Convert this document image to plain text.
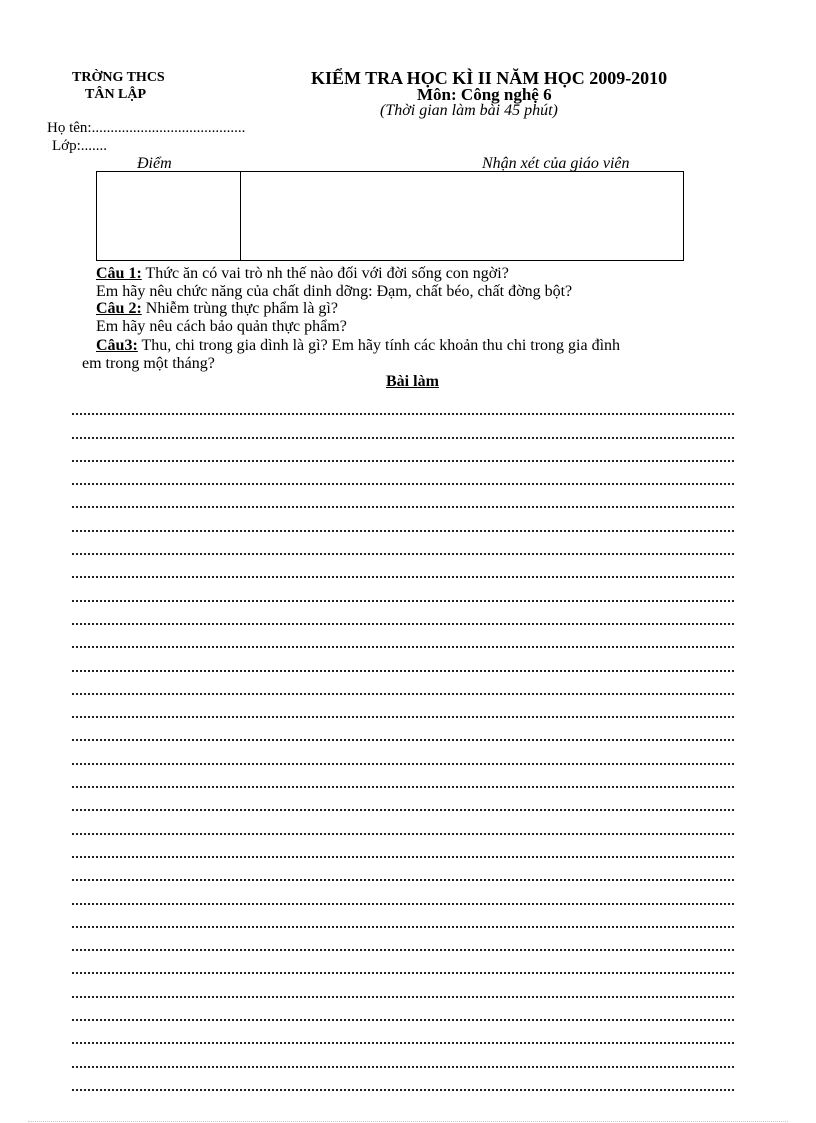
TRỜNG THCS
TÂN LẬP
KIỂM TRA HỌC KÌ II NĂM HỌC 2009-2010
Môn: Công nghệ 6
(Thời gian làm bài 45 phút)
Họ tên:.........................................
Lớp:.......
Điểm	Nhận xét của giáo viên
Câu 1: Thức ăn có vai trò nh thế nào đối với đời sống con ngời?
Em hãy nêu chức năng của chất dinh dỡng: Đạm, chất béo, chất đờng bột?
Câu 2: Nhiễm trùng thực phẩm là gì?
Em hãy nêu cách bảo quản thực phẩm?
Câu3: Thu, chi trong gia dình là gì? Em hãy tính các khoản thu chi trong gia đình
em trong một tháng?
Bài làm
